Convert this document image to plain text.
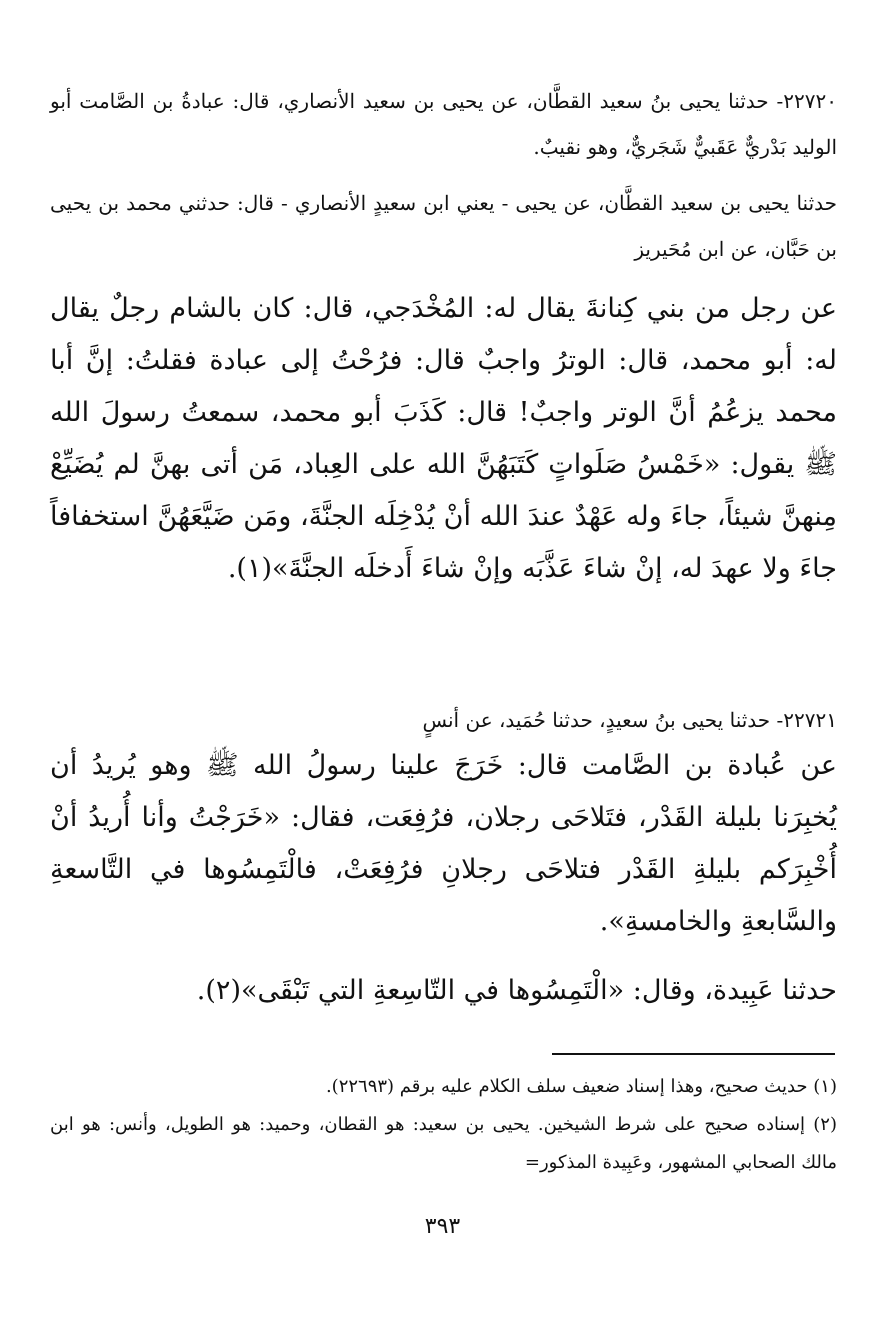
٢٢٧٢٠- حدثنا يحيى بنُ سعيد القطَّان، عن يحيى بن سعيد الأنصاري، قال: عبادةُ بن الصَّامت أبو الوليد بَدْريٌّ عَقَبيٌّ شَجَريٌّ، وهو نقيبٌ.

حدثنا يحيى بن سعيد القطَّان، عن يحيى - يعني ابن سعيدٍ الأنصاري - قال: حدثني محمد بن يحيى بن حَبَّان، عن ابن مُحَيريز

عن رجل من بني كِنانةَ يقال له: المُخْدَجي، قال: كان بالشام رجلٌ يقال له: أبو محمد، قال: الوترُ واجبٌ قال: فرُحْتُ إلى عبادة فقلتُ: إنَّ أبا محمد يزعُمُ أنَّ الوتر واجبٌ! قال: كَذَبَ أبو محمد، سمعتُ رسولَ الله ﷺ يقول: «خَمْسُ صَلَواتٍ كَتَبَهُنَّ الله على العِباد، مَن أتى بهنَّ لم يُضَيِّعْ مِنهنَّ شيئاً، جاءَ وله عَهْدٌ عندَ الله أنْ يُدْخِلَه الجنَّةَ، ومَن ضَيَّعَهُنَّ استخفافاً جاءَ ولا عهدَ له، إنْ شاءَ عَذَّبَه وإنْ شاءَ أَدخلَه الجنَّةَ»(١).

٢٢٧٢١- حدثنا يحيى بنُ سعيدٍ، حدثنا حُمَيد، عن أنسٍ

عن عُبادة بن الصَّامت قال: خَرَجَ علينا رسولُ الله ﷺ وهو يُريدُ أن يُخبِرَنا بليلة القَدْر، فتَلاحَى رجلان، فرُفِعَت، فقال: «خَرَجْتُ وأنا أُريدُ أنْ أُخْبِرَكم بليلةِ القَدْر فتلاحَى رجلانِ فرُفِعَتْ، فالْتَمِسُوها في التَّاسعةِ والسَّابعةِ والخامسةِ».

حدثنا عَبِيدة، وقال: «الْتَمِسُوها في التّاسِعةِ التي تَبْقَى»(٢).

(١) حديث صحيح، وهذا إسناد ضعيف سلف الكلام عليه برقم (٢٢٦٩٣).

(٢) إسناده صحيح على شرط الشيخين. يحيى بن سعيد: هو القطان، وحميد: هو الطويل، وأنس: هو ابن مالك الصحابي المشهور، وعَبِيدة المذكور=

٣٩٣
